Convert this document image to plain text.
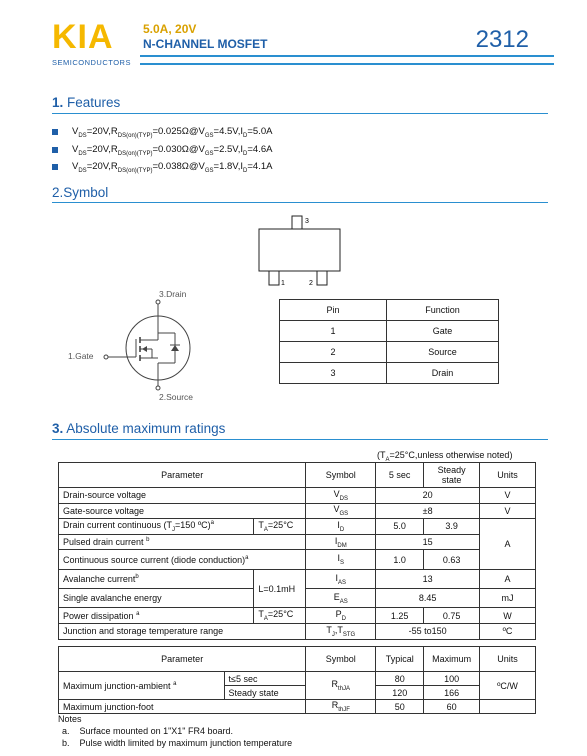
KIA
SEMICONDUCTORS
5.0A, 20V
N-CHANNEL MOSFET	2312
1. Features
$V_{DS}=20V,R_{DS(on)(TYP)}=0.025\Omega@V_{GS}=4.5V,I_D=5.0A$
$V_{DS}=20V,R_{DS(on)(TYP)}=0.030\Omega@V_{GS}=2.5V,I_D=4.6A$
$V_{DS}=20V,R_{DS(on)(TYP)}=0.038\Omega@V_{GS}=1.8V,I_D=4.1A$
2.Symbol
3
1	2
3.Drain
1.Gate
2.Source
Pin	Function
1	Gate
2	Source
3	Drain
3. Absolute maximum ratings
($T_A=25^\circ C,unless$ otherwise noted)
Parameter		Symbol	5 sec	Steady state	Units
Drain-source voltage		$V_{DS}$	20		V
Gate-source voltage		$V_{GS}$	±8		V
Drain current continuous ($T_J=150$ ºC)$^a$	$T_A=25^\circ C$	$I_D$	5.0	3.9	A
Pulsed drain current $^b$		$I_{DM}$	15		
Continuous source current (diode conduction)$^a$		$I_S$	1.0	0.63	
Avalanche current$^b$	L=0.1mH	$I_{AS}$	13		A
Single avalanche energy		$E_{AS}$	8.45		mJ
Power dissipation $^a$	$T_A=25^\circ C$	$P_D$	1.25	0.75	W
Junction and storage temperature range		$T_J,T_{STG}$	-55 to150		ºC
Parameter		Symbol	Typical	Maximum	Units
Maximum junction-ambient $^a$	t≤5 sec	$R_{thJA}$	80	100	ºC/W
	Steady state		120	166	
Maximum junction-foot		$R_{thJF}$	50	60	
Notes
a. Surface mounted on 1"X1" FR4 board.
b. Pulse width limited by maximum junction temperature
